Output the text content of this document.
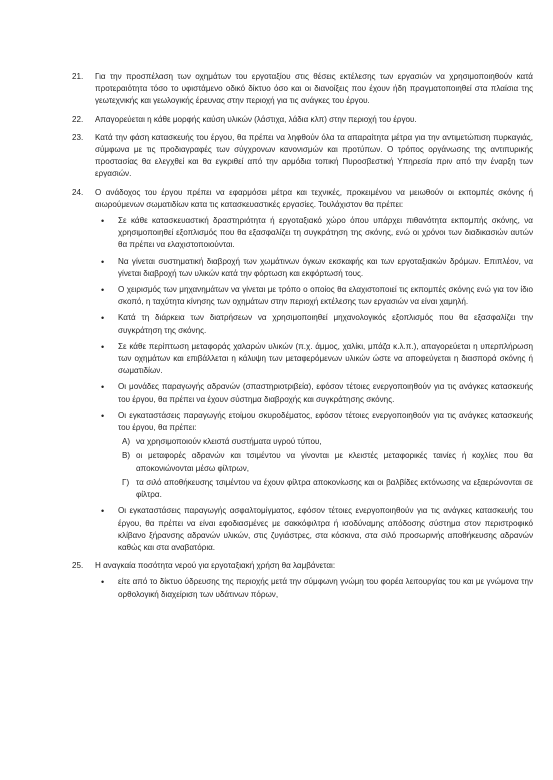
21.	Για την προσπέλαση των οχημάτων του εργοταξίου στις θέσεις εκτέλεσης των εργασιών να χρησιμοποιηθούν κατά προτεραιότητα τόσο το υφιστάμενο οδικό δίκτυο όσο και οι διανοίξεις που έχουν ήδη πραγματοποιηθεί στα πλαίσια της γεωτεχνικής και γεωλογικής έρευνας στην περιοχή για τις ανάγκες του έργου.
22.	Απαγορεύεται η κάθε μορφής καύση υλικών (λάστιχα, λάδια κλπ) στην περιοχή του έργου.
23.	Κατά την φάση κατασκευής του έργου, θα πρέπει να ληφθούν όλα τα απαραίτητα μέτρα για την αντιμετώπιση πυρκαγιάς, σύμφωνα με τις προδιαγραφές των σύγχρονων κανονισμών και προτύπων. Ο τρόπος οργάνωσης της αντιπυρικής προστασίας θα ελεγχθεί και θα εγκριθεί από την αρμόδια τοπική Πυροσβεστική Υπηρεσία πριν από την έναρξη των εργασιών.
24.	Ο ανάδοχος του έργου πρέπει να εφαρμόσει μέτρα και τεχνικές, προκειμένου να μειωθούν οι εκπομπές σκόνης ή αιωρούμενων σωματιδίων κατα τις κατασκευαστικές εργασίες. Τουλάχιστον θα πρέπει:
•	Σε κάθε κατασκευαστική δραστηριότητα ή εργοταξιακό χώρο όπου υπάρχει πιθανότητα εκπομπής σκόνης, να χρησιμοποιηθεί εξοπλισμός που θα εξασφαλίζει τη συγκράτηση της σκόνης, ενώ οι χρόνοι των διαδικασιών αυτών θα πρέπει να ελαχιστοποιούνται.
•	Να γίνεται συστηματική διαβροχή των χωμάτινων όγκων εκσκαφής και των εργοταξιακών δρόμων. Επιπλέον, να γίνεται διαβροχή των υλικών κατά την φόρτωση και εκφόρτωσή τους.
•	Ο χειρισμός των μηχανημάτων να γίνεται με τρόπο ο οποίος θα ελαχιστοποιεί τις εκπομπές σκόνης ενώ για τον ίδιο σκοπό, η ταχύτητα κίνησης των οχημάτων στην περιοχή εκτέλεσης των εργασιών να είναι χαμηλή.
•	Κατά τη διάρκεια των διατρήσεων να χρησιμοποιηθεί μηχανολογικός εξοπλισμός που θα εξασφαλίζει την συγκράτηση της σκόνης.
•	Σε κάθε περίπτωση μεταφοράς χαλαρών υλικών (π.χ. άμμος, χαλίκι, μπάζα κ.λ.π.), απαγορεύεται η υπερπλήρωση των οχημάτων και επιβάλλεται η κάλυψη των μεταφερόμενων υλικών ώστε να αποφεύγεται η διασπορά σκόνης ή σωματιδίων.
•	Οι μονάδες παραγωγής αδρανών (σπαστηριοτριβεία), εφόσον τέτοιες ενεργοποιηθούν για τις ανάγκες κατασκευής του έργου, θα πρέπει να έχουν σύστημα διαβροχής και συγκράτησης σκόνης.
•	Οι εγκαταστάσεις παραγωγής ετοίμου σκυροδέματος, εφόσον τέτοιες ενεργοποιηθούν για τις ανάγκες κατασκευής του έργου, θα πρέπει:
Α) να χρησιμοποιούν κλειστά συστήματα υγρού τύπου,
Β) οι μεταφορές αδρανών και τσιμέντου να γίνονται με κλειστές μεταφορικές ταινίες ή κοχλίες που θα αποκονιώνονται μέσω φίλτρων,
Γ) τα σιλό αποθήκευσης τσιμέντου να έχουν φίλτρα αποκονίωσης και οι βαλβίδες εκτόνωσης να εξαερώνονται σε φίλτρα.
•	Οι εγκαταστάσεις παραγωγής ασφαλτομίγματος, εφόσον τέτοιες ενεργοποιηθούν για τις ανάγκες κατασκευής του έργου, θα πρέπει να είναι εφοδιασμένες με σακκόφιλτρα ή ισοδύναμης απόδοσης σύστημα στον περιστροφικό κλίβανο ξήρανσης αδρανών υλικών, στις ζυγιάστρες, στα κόσκινα, στα σιλό προσωρινής αποθήκευσης αδρανών καθώς και στα αναβατόρια.
25.	Η αναγκαία ποσότητα νερού για εργοταξιακή χρήση θα λαμβάνεται:
•	είτε από το δίκτυο ύδρευσης της περιοχής μετά την σύμφωνη γνώμη του φορέα λειτουργίας του και με γνώμονα την ορθολογική διαχείριση των υδάτινων πόρων,
